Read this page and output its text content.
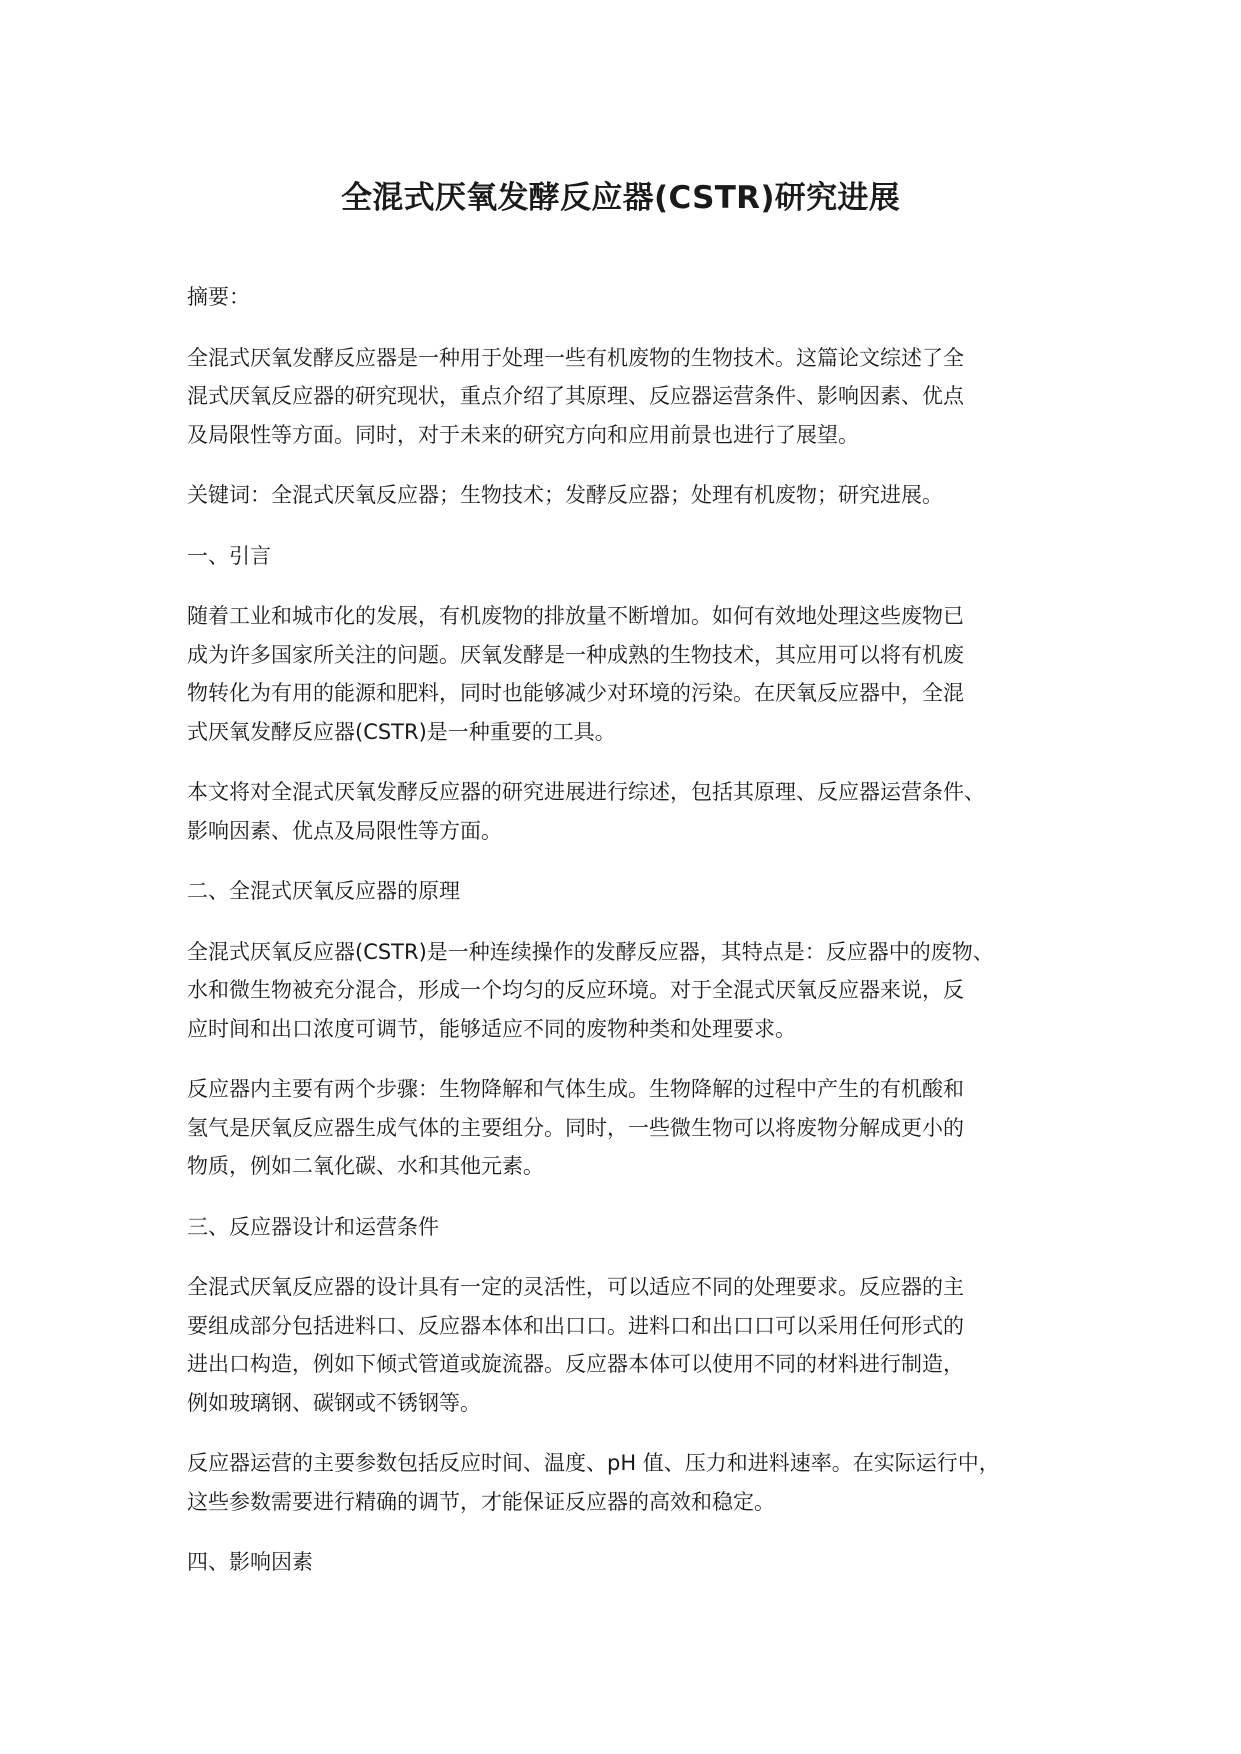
全混式厌氧发酵反应器(CSTR)研究进展
摘要：
全混式厌氧发酵反应器是一种用于处理一些有机废物的生物技术。这篇论文综述了全
混式厌氧反应器的研究现状，重点介绍了其原理、反应器运营条件、影响因素、优点
及局限性等方面。同时，对于未来的研究方向和应用前景也进行了展望。
关键词：全混式厌氧反应器；生物技术；发酵反应器；处理有机废物；研究进展。
一、引言
随着工业和城市化的发展，有机废物的排放量不断增加。如何有效地处理这些废物已
成为许多国家所关注的问题。厌氧发酵是一种成熟的生物技术，其应用可以将有机废
物转化为有用的能源和肥料，同时也能够减少对环境的污染。在厌氧反应器中，全混
式厌氧发酵反应器(CSTR)是一种重要的工具。
本文将对全混式厌氧发酵反应器的研究进展进行综述，包括其原理、反应器运营条件、
影响因素、优点及局限性等方面。
二、全混式厌氧反应器的原理
全混式厌氧反应器(CSTR)是一种连续操作的发酵反应器，其特点是：反应器中的废物、
水和微生物被充分混合，形成一个均匀的反应环境。对于全混式厌氧反应器来说，反
应时间和出口浓度可调节，能够适应不同的废物种类和处理要求。
反应器内主要有两个步骤：生物降解和气体生成。生物降解的过程中产生的有机酸和
氢气是厌氧反应器生成气体的主要组分。同时，一些微生物可以将废物分解成更小的
物质，例如二氧化碳、水和其他元素。
三、反应器设计和运营条件
全混式厌氧反应器的设计具有一定的灵活性，可以适应不同的处理要求。反应器的主
要组成部分包括进料口、反应器本体和出口口。进料口和出口口可以采用任何形式的
进出口构造，例如下倾式管道或旋流器。反应器本体可以使用不同的材料进行制造，
例如玻璃钢、碳钢或不锈钢等。
反应器运营的主要参数包括反应时间、温度、pH 值、压力和进料速率。在实际运行中，
这些参数需要进行精确的调节，才能保证反应器的高效和稳定。
四、影响因素
